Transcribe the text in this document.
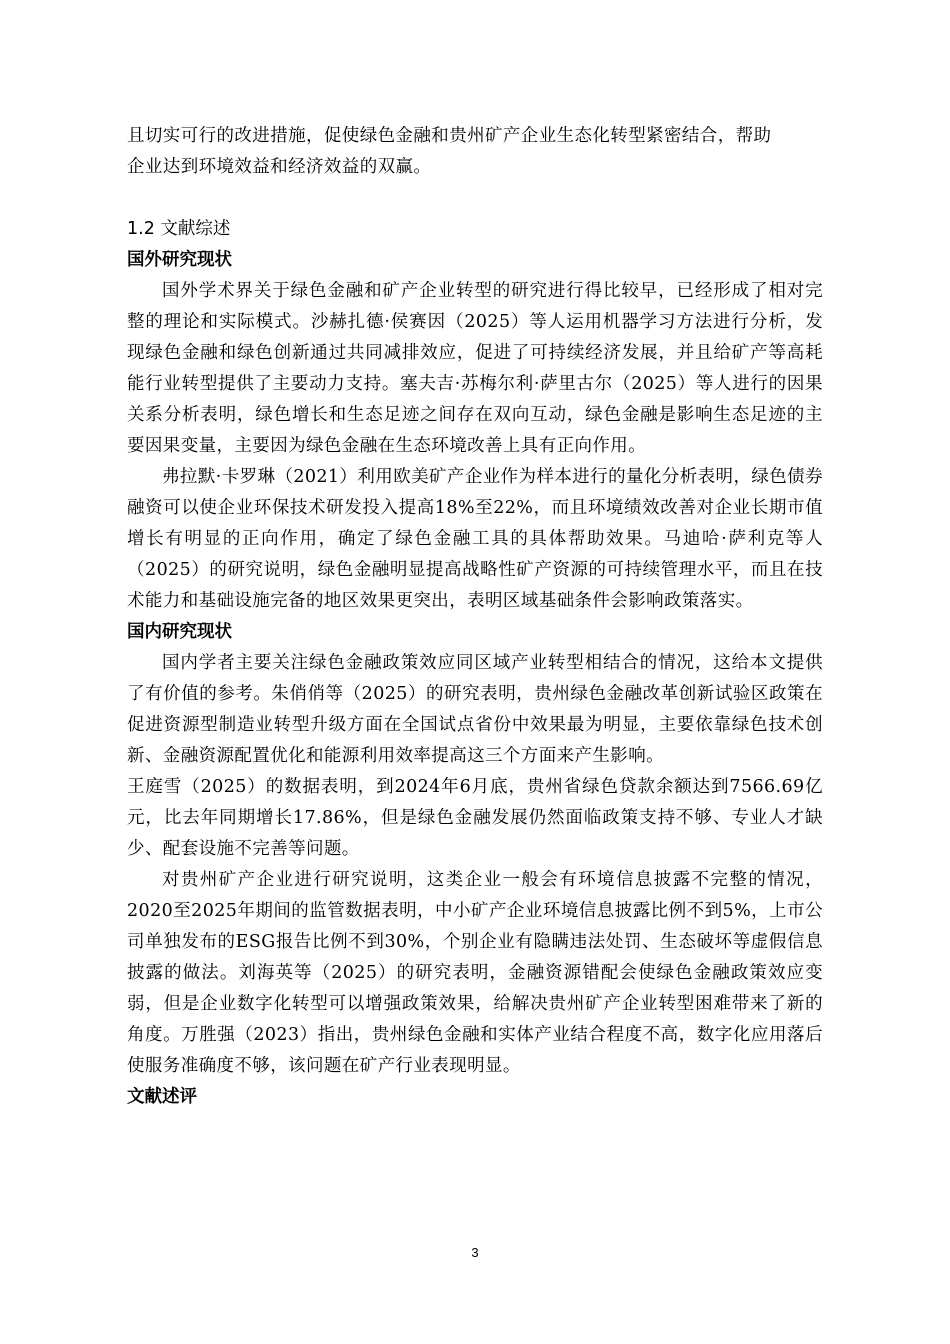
且切实可行的改进措施，促使绿色金融和贵州矿产企业生态化转型紧密结合，帮助
企业达到环境效益和经济效益的双赢。
1.2 文献综述
国外研究现状
国外学术界关于绿色金融和矿产企业转型的研究进行得比较早，已经形成了相对完整的理论和实际模式。沙赫扎德·侯赛因（2025）等人运用机器学习方法进行分析，发现绿色金融和绿色创新通过共同减排效应，促进了可持续经济发展，并且给矿产等高耗能行业转型提供了主要动力支持。塞夫吉·苏梅尔利·萨里古尔（2025）等人进行的因果关系分析表明，绿色增长和生态足迹之间存在双向互动，绿色金融是影响生态足迹的主要因果变量，主要因为绿色金融在生态环境改善上具有正向作用。
弗拉默·卡罗琳（2021）利用欧美矿产企业作为样本进行的量化分析表明，绿色债券融资可以使企业环保技术研发投入提高18%至22%，而且环境绩效改善对企业长期市值增长有明显的正向作用，确定了绿色金融工具的具体帮助效果。马迪哈·萨利克等人（2025）的研究说明，绿色金融明显提高战略性矿产资源的可持续管理水平，而且在技术能力和基础设施完备的地区效果更突出，表明区域基础条件会影响政策落实。
国内研究现状
国内学者主要关注绿色金融政策效应同区域产业转型相结合的情况，这给本文提供了有价值的参考。朱俏俏等（2025）的研究表明，贵州绿色金融改革创新试验区政策在促进资源型制造业转型升级方面在全国试点省份中效果最为明显，主要依靠绿色技术创新、金融资源配置优化和能源利用效率提高这三个方面来产生影响。
王庭雪（2025）的数据表明，到2024年6月底，贵州省绿色贷款余额达到7566.69亿元，比去年同期增长17.86%，但是绿色金融发展仍然面临政策支持不够、专业人才缺少、配套设施不完善等问题。
对贵州矿产企业进行研究说明，这类企业一般会有环境信息披露不完整的情况，2020至2025年期间的监管数据表明，中小矿产企业环境信息披露比例不到5%，上市公司单独发布的ESG报告比例不到30%，个别企业有隐瞒违法处罚、生态破坏等虚假信息披露的做法。刘海英等（2025）的研究表明，金融资源错配会使绿色金融政策效应变弱，但是企业数字化转型可以增强政策效果，给解决贵州矿产企业转型困难带来了新的角度。万胜强（2023）指出，贵州绿色金融和实体产业结合程度不高，数字化应用落后使服务准确度不够，该问题在矿产行业表现明显。
文献述评
3
